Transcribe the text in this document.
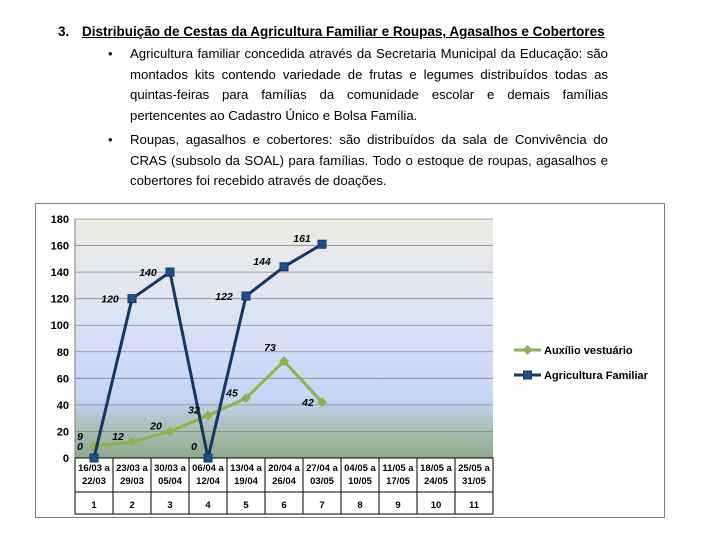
3. Distribuição de Cestas da Agricultura Familiar e Roupas, Agasalhos e Cobertores
• Agricultura familiar concedida através da Secretaria Municipal da Educação: são montados kits contendo variedade de frutas e legumes distribuídos todas as quintas-feiras para famílias da comunidade escolar e demais famílias pertencentes ao Cadastro Único e Bolsa Família.
• Roupas, agasalhos e cobertores: são distribuídos da sala de Convivência do CRAS (subsolo da SOAL) para famílias. Todo o estoque de roupas, agasalhos e cobertores foi recebido através de doações.
0
20
40
60
80
100
120
140
160
180
16/03 a
22/03
1
23/03 a
29/03
2
30/03 a
05/04
3
06/04 a
12/04
4
13/04 a
19/04
5
20/04 a
26/04
6
27/04 a
03/05
7
04/05 a
10/05
8
11/05 a
17/05
9
18/05 a
24/05
10
25/05 a
31/05
11
9	12
20
32
45
73
42
0
120
140
0
122
144
161
Auxílio vestuário
Agricultura Familiar
